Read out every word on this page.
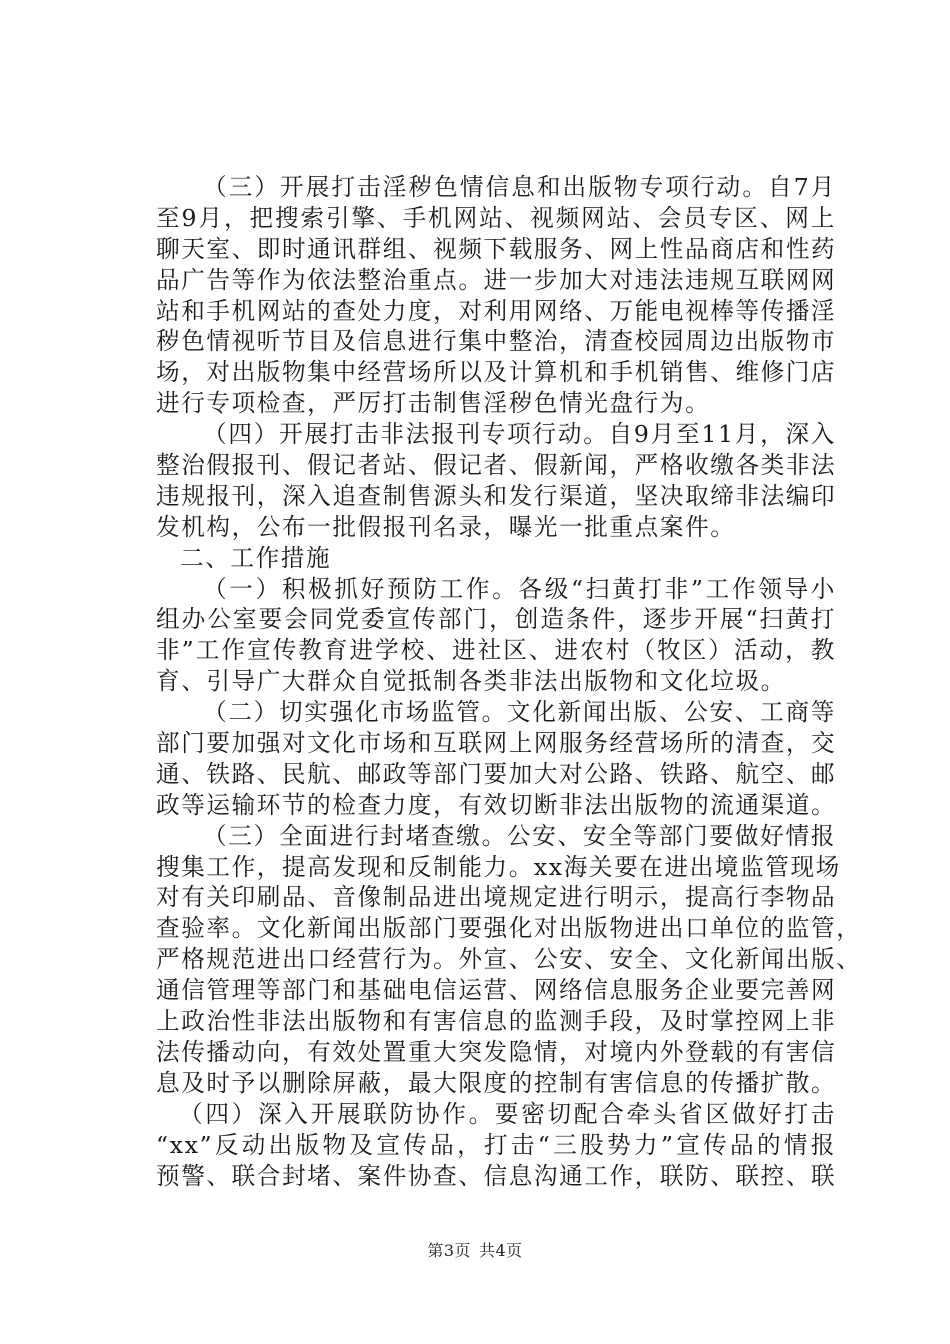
（三）开展打击淫秽色情信息和出版物专项行动。自7月
至9月，把搜索引擎、手机网站、视频网站、会员专区、网上
聊天室、即时通讯群组、视频下载服务、网上性品商店和性药
品广告等作为依法整治重点。进一步加大对违法违规互联网网
站和手机网站的查处力度，对利用网络、万能电视棒等传播淫
秽色情视听节目及信息进行集中整治，清查校园周边出版物市
场，对出版物集中经营场所以及计算机和手机销售、维修门店
进行专项检查，严厉打击制售淫秽色情光盘行为。
（四）开展打击非法报刊专项行动。自9月至11月，深入
整治假报刊、假记者站、假记者、假新闻，严格收缴各类非法
违规报刊，深入追查制售源头和发行渠道，坚决取缔非法编印
发机构，公布一批假报刊名录，曝光一批重点案件。
二、工作措施
（一）积极抓好预防工作。各级“扫黄打非”工作领导小
组办公室要会同党委宣传部门，创造条件，逐步开展“扫黄打
非”工作宣传教育进学校、进社区、进农村（牧区）活动，教
育、引导广大群众自觉抵制各类非法出版物和文化垃圾。
（二）切实强化市场监管。文化新闻出版、公安、工商等
部门要加强对文化市场和互联网上网服务经营场所的清查，交
通、铁路、民航、邮政等部门要加大对公路、铁路、航空、邮
政等运输环节的检查力度，有效切断非法出版物的流通渠道。
（三）全面进行封堵查缴。公安、安全等部门要做好情报
搜集工作，提高发现和反制能力。xx海关要在进出境监管现场
对有关印刷品、音像制品进出境规定进行明示，提高行李物品
查验率。文化新闻出版部门要强化对出版物进出口单位的监管，
严格规范进出口经营行为。外宣、公安、安全、文化新闻出版、
通信管理等部门和基础电信运营、网络信息服务企业要完善网
上政治性非法出版物和有害信息的监测手段，及时掌控网上非
法传播动向，有效处置重大突发隐情，对境内外登载的有害信
息及时予以删除屏蔽，最大限度的控制有害信息的传播扩散。
（四）深入开展联防协作。要密切配合牵头省区做好打击
“xx”反动出版物及宣传品，打击“三股势力”宣传品的情报
预警、联合封堵、案件协查、信息沟通工作，联防、联控、联
第3页 共4页
